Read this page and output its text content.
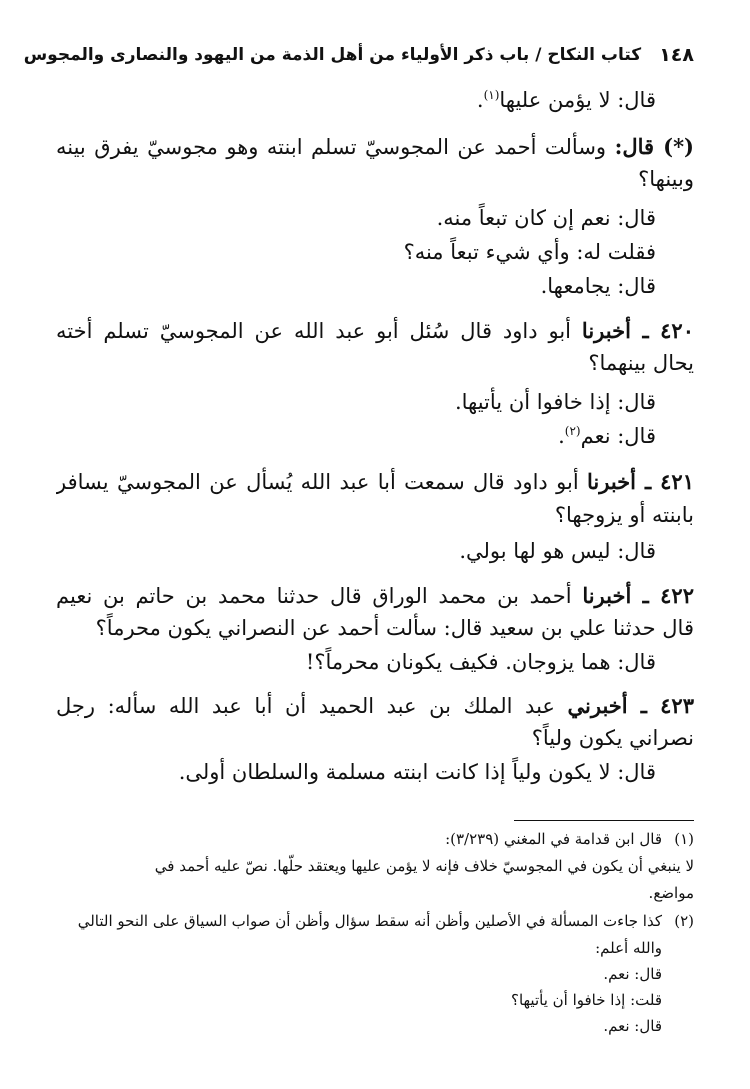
١٤٨
كتاب النكاح / باب ذكر الأولياء من أهل الذمة من اليهود والنصارى والمجوس
قال: لا يؤمن عليها$^{(١)}$.
(*) قال: وسألت أحمد عن المجوسيّ تسلم ابنته وهو مجوسيّ يفرق بينه
وبينها؟
قال: نعم إن كان تبعاً منه.
فقلت له: وأي شيء تبعاً منه؟
قال: يجامعها.
٤٢٠ ـ أخبرنا أبو داود قال سُئل أبو عبد الله عن المجوسيّ تسلم أخته
يحال بينهما؟
قال: إذا خافوا أن يأتيها.
قال: نعم$^{(٢)}$.
٤٢١ ـ أخبرنا أبو داود قال سمعت أبا عبد الله يُسأل عن المجوسيّ يسافر
بابنته أو يزوجها؟
قال: ليس هو لها بولي.
٤٢٢ ـ أخبرنا أحمد بن محمد الوراق قال حدثنا محمد بن حاتم بن نعيم
قال حدثنا علي بن سعيد قال: سألت أحمد عن النصراني يكون محرماً؟
قال: هما يزوجان. فكيف يكونان محرماً؟!
٤٢٣ ـ أخبرني عبد الملك بن عبد الحميد أن أبا عبد الله سأله: رجل
نصراني يكون ولياً؟
قال: لا يكون ولياً إذا كانت ابنته مسلمة والسلطان أولى.
(١)قال ابن قدامة في المغني (٣/٢٣٩):
لا ينبغي أن يكون في المجوسيّ خلاف فإنه لا يؤمن عليها ويعتقد حلّها. نصّ عليه أحمد في
مواضع.
(٢)كذا جاءت المسألة في الأصلين وأظن أنه سقط سؤال وأظن أن صواب السياق على النحو التالي
والله أعلم:
قال: نعم.
قلت: إذا خافوا أن يأتيها؟
قال: نعم.
